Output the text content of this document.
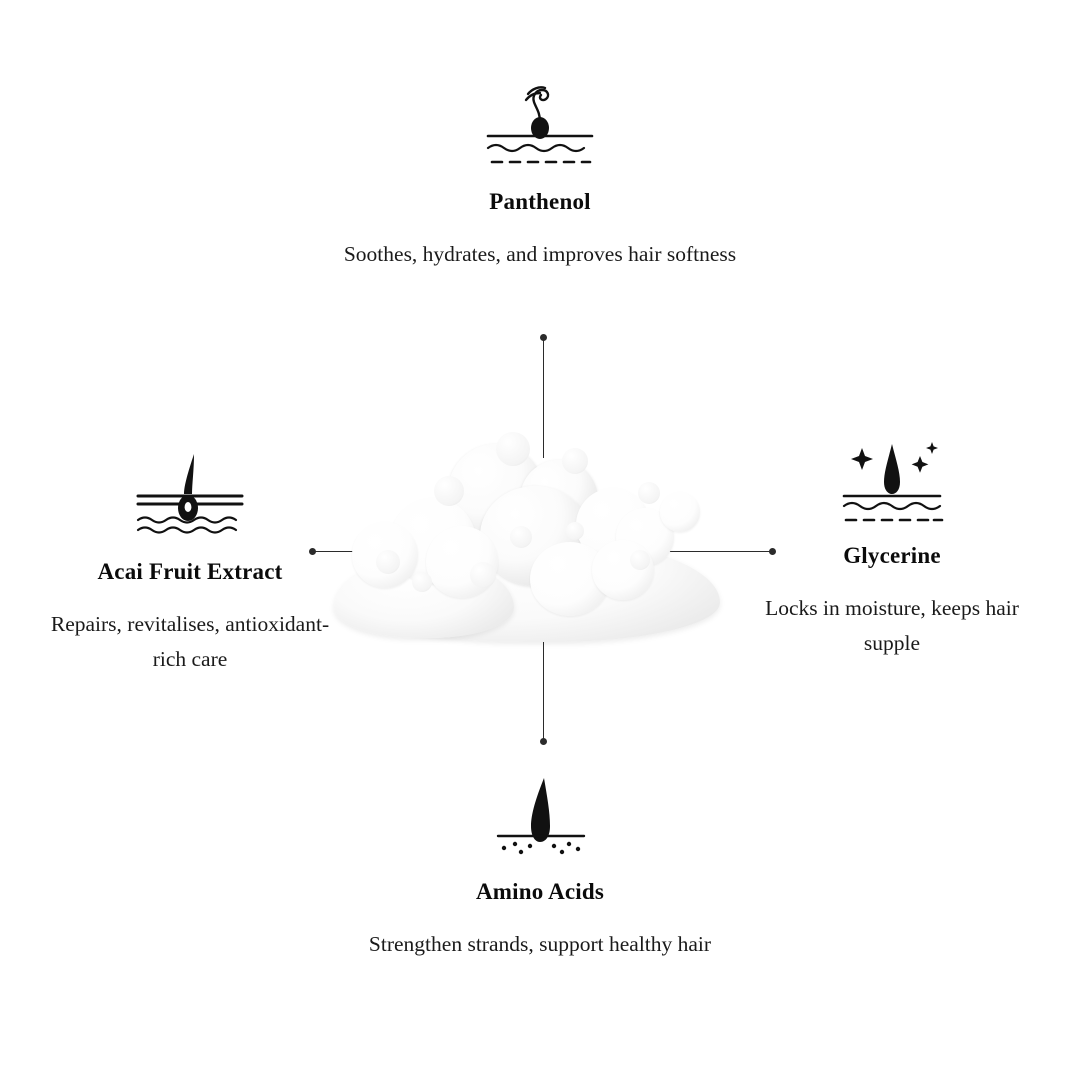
Panthenol

Soothes, hydrates, and improves hair softness

Glycerine

Locks in moisture, keeps hair supple

Amino Acids

Strengthen strands, support healthy hair

Acai Fruit Extract

Repairs, revitalises, antioxidant-rich care
